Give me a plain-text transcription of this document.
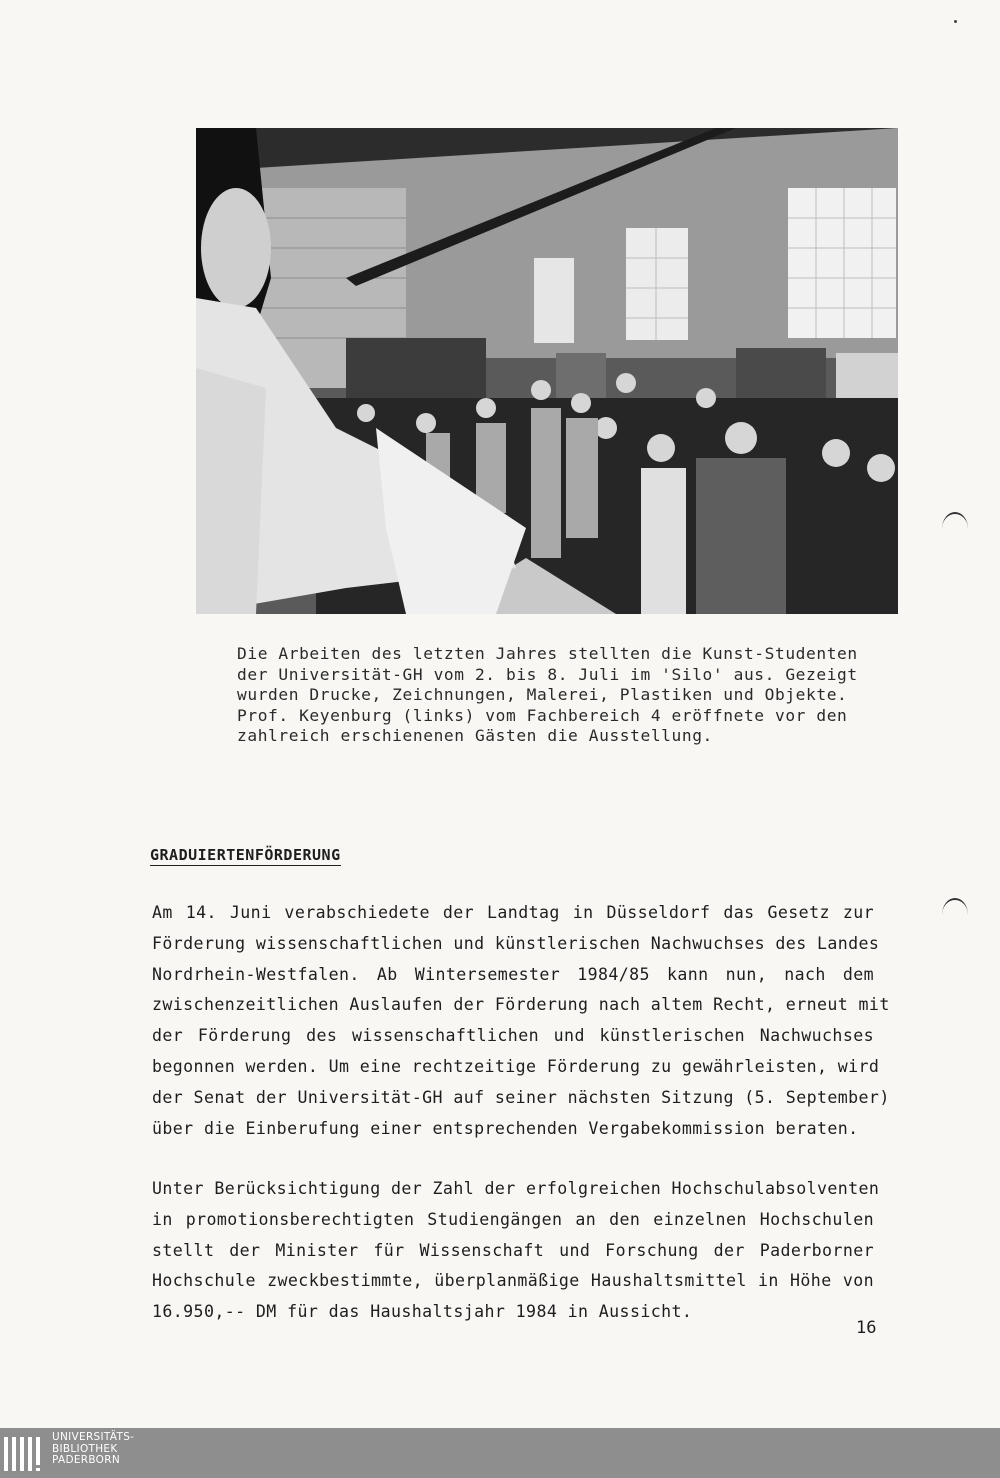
Die Arbeiten des letzten Jahres stellten die Kunst-Studenten
der Universität-GH vom 2. bis 8. Juli im 'Silo' aus. Gezeigt
wurden Drucke, Zeichnungen, Malerei, Plastiken und Objekte.
Prof. Keyenburg (links) vom Fachbereich 4 eröffnete vor den
zahlreich erschienenen Gästen die Ausstellung.
GRADUIERTENFÖRDERUNG
Am 14. Juni verabschiedete der Landtag in Düsseldorf das Gesetz zur
Förderung wissenschaftlichen und künstlerischen Nachwuchses des Landes
Nordrhein-Westfalen. Ab Wintersemester 1984/85 kann nun, nach dem
zwischenzeitlichen Auslaufen der Förderung nach altem Recht, erneut mit
der Förderung des wissenschaftlichen und künstlerischen Nachwuchses
begonnen werden. Um eine rechtzeitige Förderung zu gewährleisten, wird
der Senat der Universität-GH auf seiner nächsten Sitzung (5. September)
über die Einberufung einer entsprechenden Vergabekommission beraten.
Unter Berücksichtigung der Zahl der erfolgreichen Hochschulabsolventen
in promotionsberechtigten Studiengängen an den einzelnen Hochschulen
stellt der Minister für Wissenschaft und Forschung der Paderborner
Hochschule zweckbestimmte, überplanmäßige Haushaltsmittel in Höhe von
16.950,-- DM für das Haushaltsjahr 1984 in Aussicht.
16
UNIVERSITÄTS-
BIBLIOTHEK
PADERBORN
